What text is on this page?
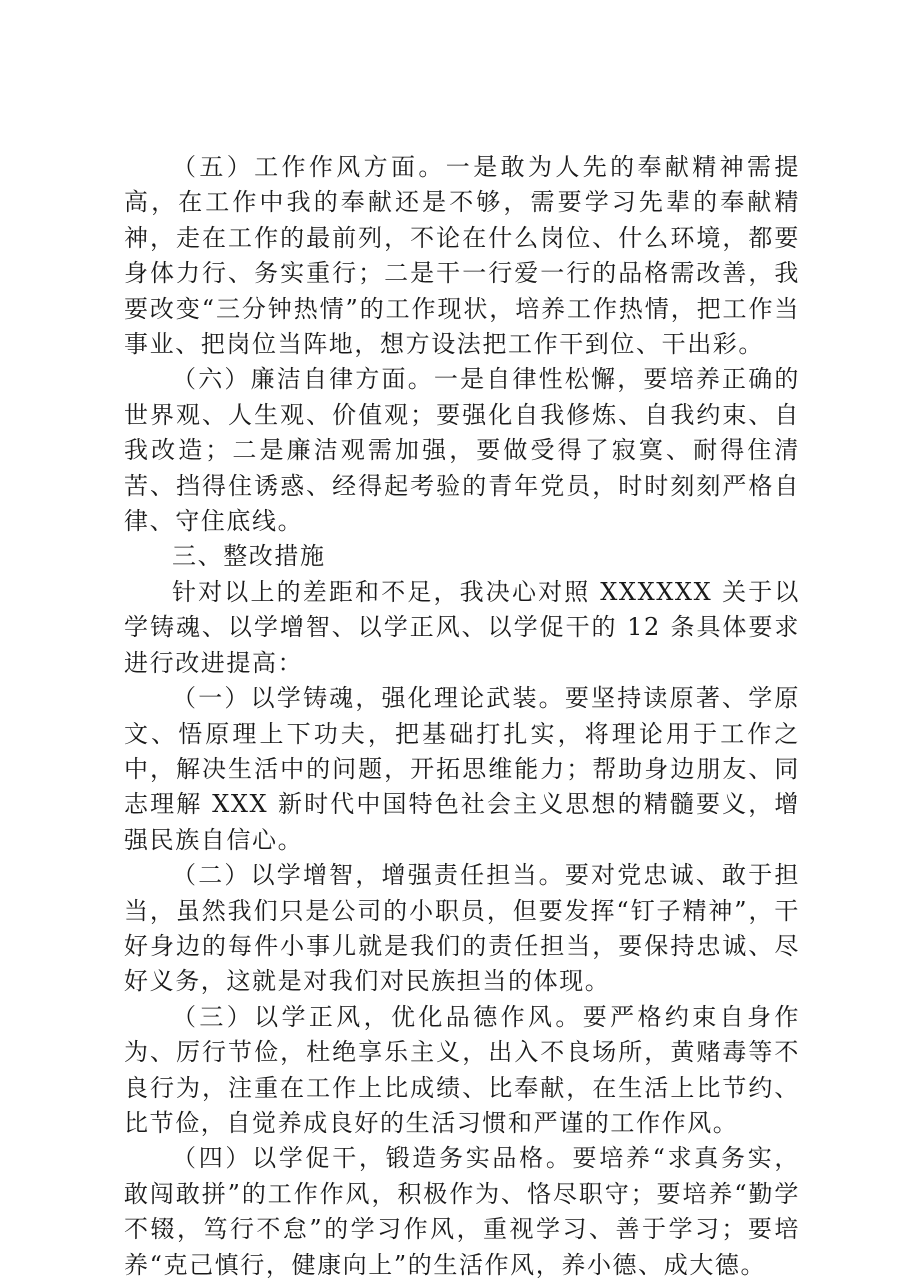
（五）工作作风方面。一是敢为人先的奉献精神需提高，在工作中我的奉献还是不够，需要学习先辈的奉献精神，走在工作的最前列，不论在什么岗位、什么环境，都要身体力行、务实重行；二是干一行爱一行的品格需改善，我要改变“三分钟热情”的工作现状，培养工作热情，把工作当事业、把岗位当阵地，想方设法把工作干到位、干出彩。

（六）廉洁自律方面。一是自律性松懈，要培养正确的世界观、人生观、价值观；要强化自我修炼、自我约束、自我改造；二是廉洁观需加强，要做受得了寂寞、耐得住清苦、挡得住诱惑、经得起考验的青年党员，时时刻刻严格自律、守住底线。

三、整改措施

针对以上的差距和不足，我决心对照 XXXXXX 关于以学铸魂、以学增智、以学正风、以学促干的 12 条具体要求进行改进提高：

（一）以学铸魂，强化理论武装。要坚持读原著、学原文、悟原理上下功夫，把基础打扎实，将理论用于工作之中，解决生活中的问题，开拓思维能力；帮助身边朋友、同志理解 XXX 新时代中国特色社会主义思想的精髓要义，增强民族自信心。

（二）以学增智，增强责任担当。要对党忠诚、敢于担当，虽然我们只是公司的小职员，但要发挥“钉子精神”，干好身边的每件小事儿就是我们的责任担当，要保持忠诚、尽好义务，这就是对我们对民族担当的体现。

（三）以学正风，优化品德作风。要严格约束自身作为、厉行节俭，杜绝享乐主义，出入不良场所，黄赌毒等不良行为，注重在工作上比成绩、比奉献，在生活上比节约、比节俭，自觉养成良好的生活习惯和严谨的工作作风。

（四）以学促干，锻造务实品格。要培养“求真务实，敢闯敢拼”的工作作风，积极作为、恪尽职守；要培养“勤学不辍，笃行不怠”的学习作风，重视学习、善于学习；要培养“克己慎行，健康向上”的生活作风，养小德、成大德。
